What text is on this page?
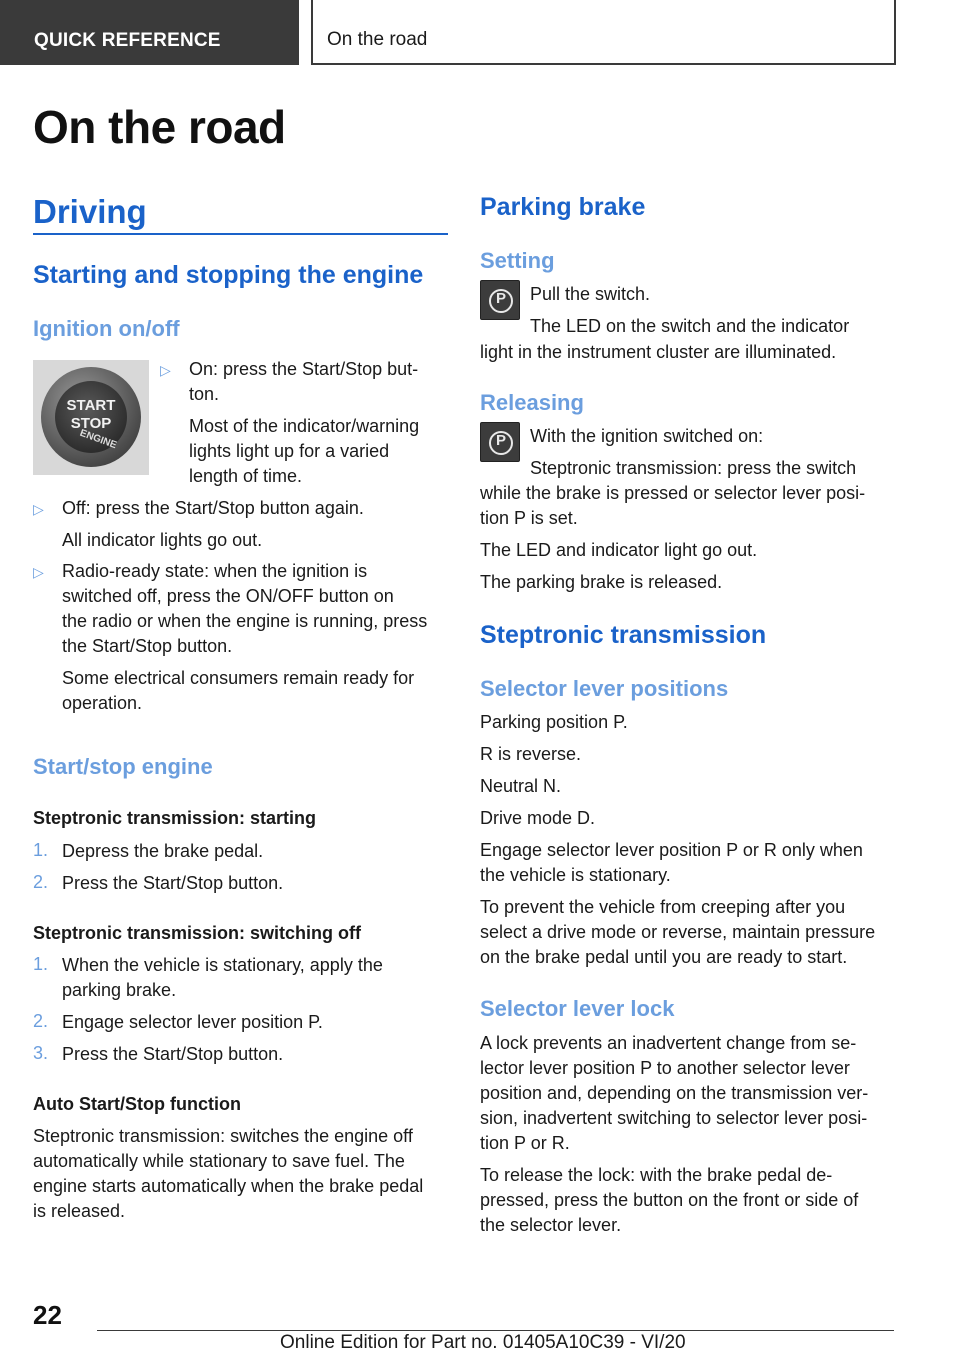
QUICK REFERENCE	On the road
On the road
Driving
Starting and stopping the engine
Ignition on/off
START
STOP
ENGINE
▷	On: press the Start/Stop but-
ton.
Most of the indicator/warning
lights light up for a varied
length of time.
▷	Off: press the Start/Stop button again.
All indicator lights go out.
▷	Radio-ready state: when the ignition is
switched off, press the ON/OFF button on
the radio or when the engine is running, press
the Start/Stop button.
Some electrical consumers remain ready for
operation.
Start/stop engine
Steptronic transmission: starting
1. Depress the brake pedal.
2. Press the Start/Stop button.
Steptronic transmission: switching off
1. When the vehicle is stationary, apply the
parking brake.
2. Engage selector lever position P.
3. Press the Start/Stop button.
Auto Start/Stop function
Steptronic transmission: switches the engine off
automatically while stationary to save fuel. The
engine starts automatically when the brake pedal
is released.
Parking brake
Setting
P	Pull the switch.
The LED on the switch and the indicator
light in the instrument cluster are illuminated.
Releasing
P	With the ignition switched on:
Steptronic transmission: press the switch
while the brake is pressed or selector lever posi-
tion P is set.
The LED and indicator light go out.
The parking brake is released.
Steptronic transmission
Selector lever positions
Parking position P.
R is reverse.
Neutral N.
Drive mode D.
Engage selector lever position P or R only when
the vehicle is stationary.
To prevent the vehicle from creeping after you
select a drive mode or reverse, maintain pressure
on the brake pedal until you are ready to start.
Selector lever lock
A lock prevents an inadvertent change from se-
lector lever position P to another selector lever
position and, depending on the transmission ver-
sion, inadvertent switching to selector lever posi-
tion P or R.
To release the lock: with the brake pedal de-
pressed, press the button on the front or side of
the selector lever.
22
Online Edition for Part no. 01405A10C39 - VI/20
